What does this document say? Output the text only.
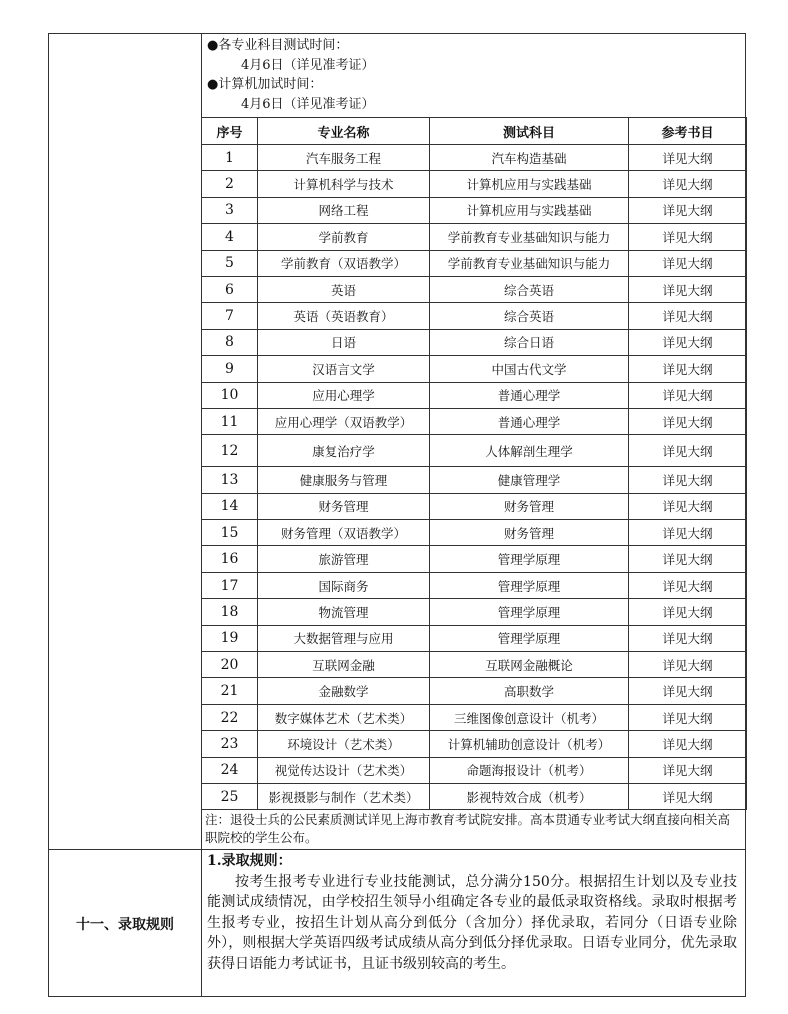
●各专业科目测试时间：
4月6日（详见准考证）
●计算机加试时间：
4月6日（详见准考证）
序号	专业名称	测试科目	参考书目
1	汽车服务工程	汽车构造基础	详见大纲
2	计算机科学与技术	计算机应用与实践基础	详见大纲
3	网络工程	计算机应用与实践基础	详见大纲
4	学前教育	学前教育专业基础知识与能力	详见大纲
5	学前教育（双语教学）	学前教育专业基础知识与能力	详见大纲
6	英语	综合英语	详见大纲
7	英语（英语教育）	综合英语	详见大纲
8	日语	综合日语	详见大纲
9	汉语言文学	中国古代文学	详见大纲
10	应用心理学	普通心理学	详见大纲
11	应用心理学（双语教学）	普通心理学	详见大纲
12	康复治疗学	人体解剖生理学	详见大纲
13	健康服务与管理	健康管理学	详见大纲
14	财务管理	财务管理	详见大纲
15	财务管理（双语教学）	财务管理	详见大纲
16	旅游管理	管理学原理	详见大纲
17	国际商务	管理学原理	详见大纲
18	物流管理	管理学原理	详见大纲
19	大数据管理与应用	管理学原理	详见大纲
20	互联网金融	互联网金融概论	详见大纲
21	金融数学	高职数学	详见大纲
22	数字媒体艺术（艺术类）	三维图像创意设计（机考）	详见大纲
23	环境设计（艺术类）	计算机辅助创意设计（机考）	详见大纲
24	视觉传达设计（艺术类）	命题海报设计（机考）	详见大纲
25	影视摄影与制作（艺术类）	影视特效合成（机考）	详见大纲
注：退役士兵的公民素质测试详见上海市教育考试院安排。高本贯通专业考试大纲直接向相关高职院校的学生公布。
十一、录取规则
1.录取规则：
按考生报考专业进行专业技能测试，总分满分150分。根据招生计划以及专业技能测试成绩情况，由学校招生领导小组确定各专业的最低录取资格线。录取时根据考生报考专业，按招生计划从高分到低分（含加分）择优录取，若同分（日语专业除外），则根据大学英语四级考试成绩从高分到低分择优录取。日语专业同分，优先录取获得日语能力考试证书，且证书级别较高的考生。
